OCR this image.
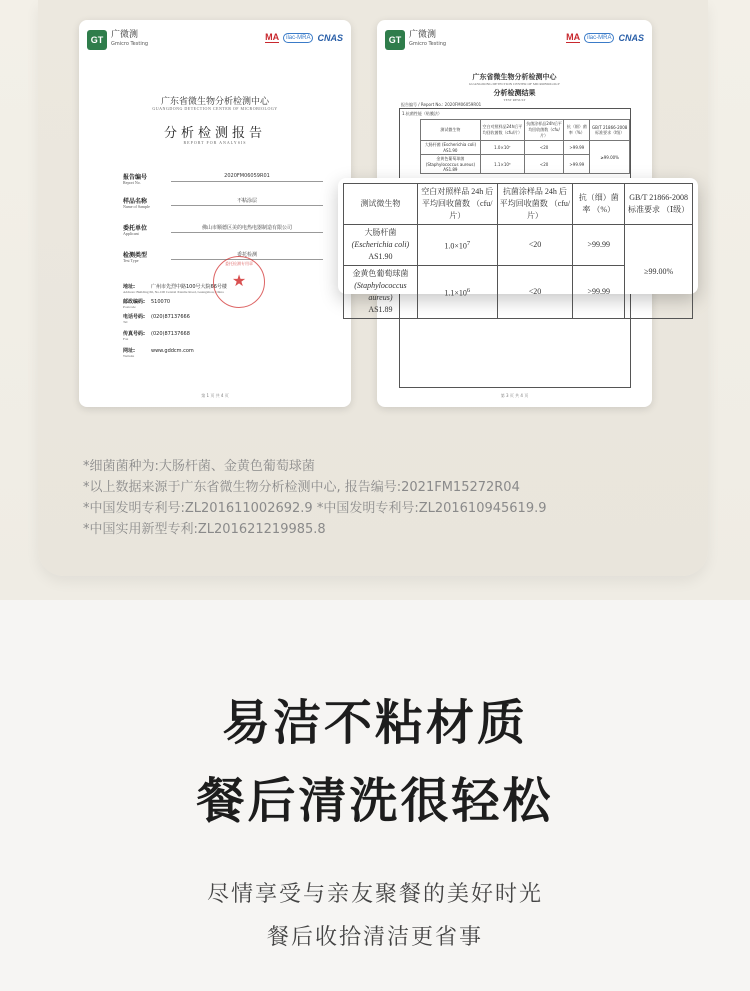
GT 广微测
Gmicro Testing
MA	ilac-MRA CNAS
广东省微生物分析检测中心
GUANGDONG DETECTION CENTER OF MICROBIOLOGY
分析检测报告
REPORT FOR ANALYSIS
报告编号
Report No.
2020FM06059R01
样品名称
Name of Sample
不粘涂层
委托单位
Applicant
佛山市顺德区美的电热电器制造有限公司
检测类型
Test Type
委托检测
地址:	广州市先烈中路100号大院66号楼
Address: Building 66, No.100 Central Xianlie Road, Guangzhou, China
邮政编码: 510070
Postcode
电话号码: (020)87137666
Tel
传真号码: (020)87137668
Fax
网址:	www.gddcm.com
Website
委托检测专用章
★
第 1 页 共 4 页
GT 广微测
Gmicro Testing
MA	ilac-MRA CNAS
广东省微生物分析检测中心
GUANGDONG DETECTION CENTER OF MICROBIOLOGY
分析检测结果
TEST RESULT
报告编号 / Report No.: 2020FM06059R01
1.抗菌性能（贴膜法）
测试微生物	空白对照样品24h后平均回收菌数（cfu/片）	抗菌涂样品24h后平均回收菌数（cfu/片）	抗（细）菌率（%）	GB/T 21866-2008标准要求（Ⅰ级）
大肠杆菌 (Escherichia coli) AS1.90	1.0×10⁷	<20	>99.99	≥99.00%
金黄色葡萄球菌 (Staphylococcus aureus) AS1.89	1.1×10⁶	<20	>99.99	
第 3 页 共 4 页
测试微生物	空白对照样品 24h 后平均回收菌数 （cfu/片）	抗菌涂样品 24h 后平均回收菌数 （cfu/片）	抗（细）菌率 （%）	GB/T 21866-2008 标准要求 （Ⅰ级）

大肠杆菌
(Escherichia coli)
AS1.90	$1.0\times 10^7$	<20	>99.99	≥99.00%

金黄色葡萄球菌
(Staphylococcus aureus)
AS1.89	$1.1\times 10^6$	<20	>99.99	
*细菌菌种为:大肠杆菌、金黄色葡萄球菌
*以上数据来源于广东省微生物分析检测中心, 报告编号:2021FM15272R04
*中国发明专利号:ZL201611002692.9 *中国发明专利号:ZL201610945619.9
*中国实用新型专利:ZL201621219985.8
易洁不粘材质
餐后清洗很轻松
尽情享受与亲友聚餐的美好时光
餐后收拾清洁更省事
